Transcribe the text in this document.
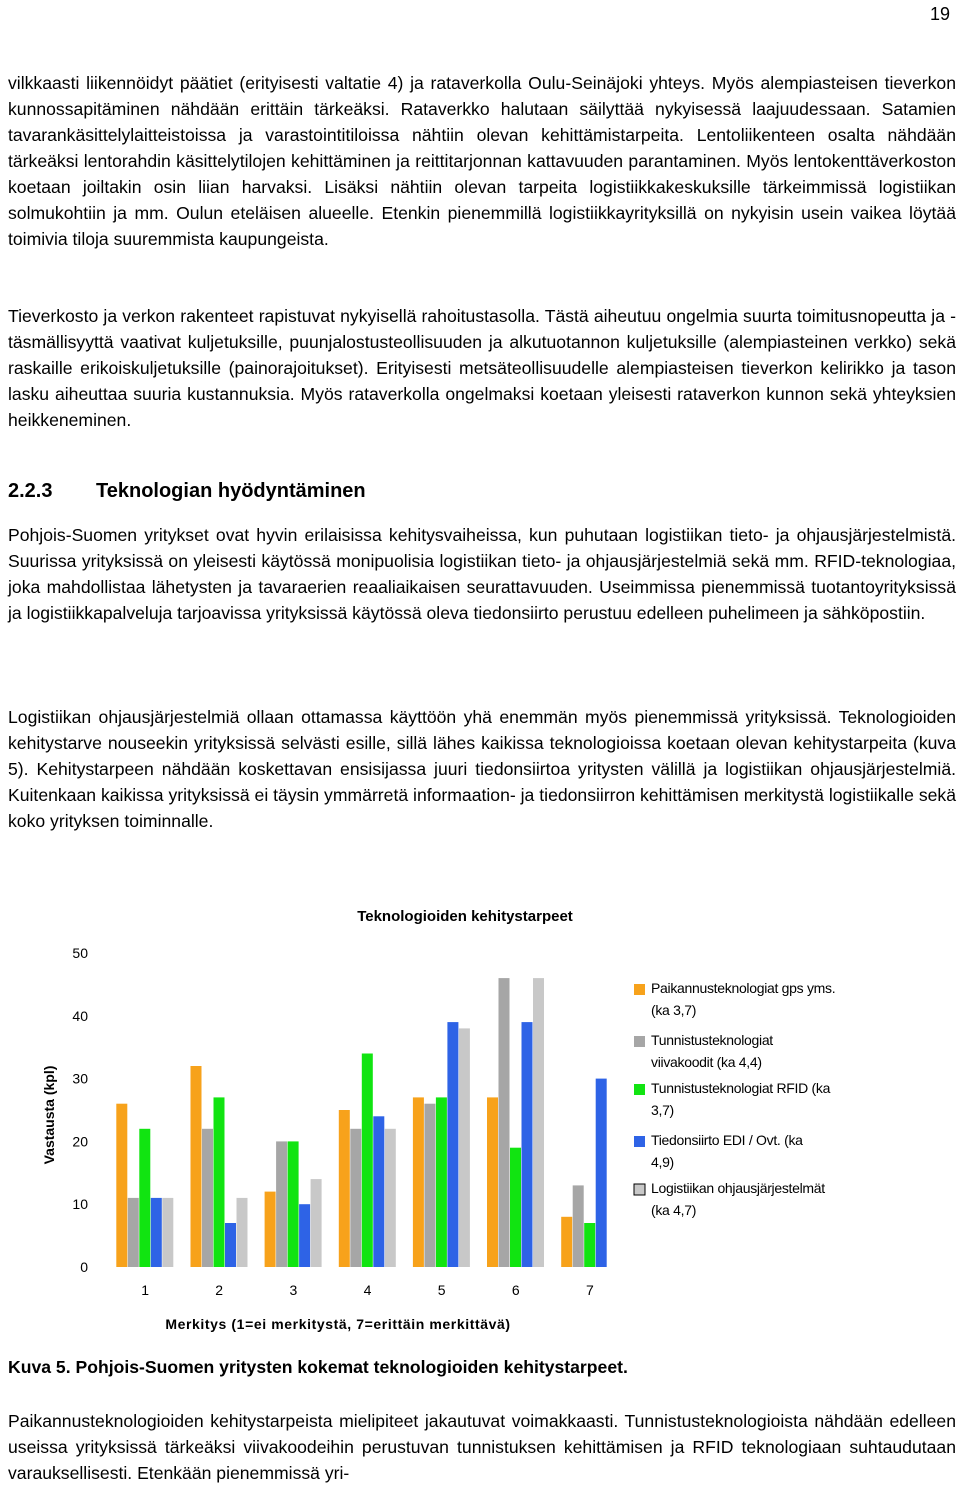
19
vilkkaasti liikennöidyt päätiet (erityisesti valtatie 4) ja rataverkolla Oulu-Seinäjoki yhteys. Myös alempiasteisen tieverkon kunnossapitäminen nähdään erittäin tärkeäksi. Rataverkko halutaan säilyttää nykyisessä laajuudessaan. Satamien tavarankäsittelylaitteistoissa ja varastointitiloissa nähtiin olevan kehittämistarpeita. Lentoliikenteen osalta nähdään tärkeäksi lentorahdin käsittelytilojen kehittäminen ja reittitarjonnan kattavuuden parantaminen. Myös lentokenttäverkoston koetaan joiltakin osin liian harvaksi. Lisäksi nähtiin olevan tarpeita logistiikkakeskuksille tärkeimmissä logistiikan solmukohtiin ja mm. Oulun eteläisen alueelle. Etenkin pienemmillä logistiikkayrityksillä on nykyisin usein vaikea löytää toimivia tiloja suuremmista kaupungeista.
Tieverkosto ja verkon rakenteet rapistuvat nykyisellä rahoitustasolla. Tästä aiheutuu ongelmia suurta toimitusnopeutta ja -täsmällisyyttä vaativat kuljetuksille, puunjalostusteollisuuden ja alkutuotannon kuljetuksille (alempiasteinen verkko) sekä raskaille erikoiskuljetuksille (painorajoitukset). Erityisesti metsäteollisuudelle alempiasteisen tieverkon kelirikko ja tason lasku aiheuttaa suuria kustannuksia. Myös rataverkolla ongelmaksi koetaan yleisesti rataverkon kunnon sekä yhteyksien heikkeneminen.
2.2.3 Teknologian hyödyntäminen
Pohjois-Suomen yritykset ovat hyvin erilaisissa kehitysvaiheissa, kun puhutaan logistiikan tieto- ja ohjausjärjestelmistä. Suurissa yrityksissä on yleisesti käytössä monipuolisia logistiikan tieto- ja ohjausjärjestelmiä sekä mm. RFID-teknologiaa, joka mahdollistaa lähetysten ja tavaraerien reaaliaikaisen seurattavuuden. Useimmissa pienemmissä tuotantoyrityksissä ja logistiikkapalveluja tarjoavissa yrityksissä käytössä oleva tiedonsiirto perustuu edelleen puhelimeen ja sähköpostiin.
Logistiikan ohjausjärjestelmiä ollaan ottamassa käyttöön yhä enemmän myös pienemmissä yrityksissä. Teknologioiden kehitystarve nouseekin yrityksissä selvästi esille, sillä lähes kaikissa teknologioissa koetaan olevan kehitystarpeita (kuva 5). Kehitystarpeen nähdään koskettavan ensisijassa juuri tiedonsiirtoa yritysten välillä ja logistiikan ohjausjärjestelmiä. Kuitenkaan kaikissa yrityksissä ei täysin ymmärretä informaation- ja tiedonsiirron kehittämisen merkitystä logistiikalle sekä koko yrityksen toiminnalle.
0
10
20
30
40
50
1	2	3	4	5	6	7
Paikannusteknologiat gps yms. (ka 3,7)
Tunnistusteknologiat viivakoodit (ka 4,4)
Tunnistusteknologiat RFID (ka 3,7)
Tiedonsiirto EDI / Ovt. (ka 4,9)
Logistiikan ohjausjärjestelmät (ka 4,7)
Teknologioiden kehitystarpeet
Vastausta (kpl)
Merkitys (1=ei merkitystä, 7=erittäin merkittävä)
Kuva 5. Pohjois-Suomen yritysten kokemat teknologioiden kehitystarpeet.
Paikannusteknologioiden kehitystarpeista mielipiteet jakautuvat voimakkaasti. Tunnistusteknologioista nähdään edelleen useissa yrityksissä tärkeäksi viivakoodeihin perustuvan tunnistuksen kehittämisen ja RFID teknologiaan suhtaudutaan varauksellisesti. Etenkään pienemmissä yri-
